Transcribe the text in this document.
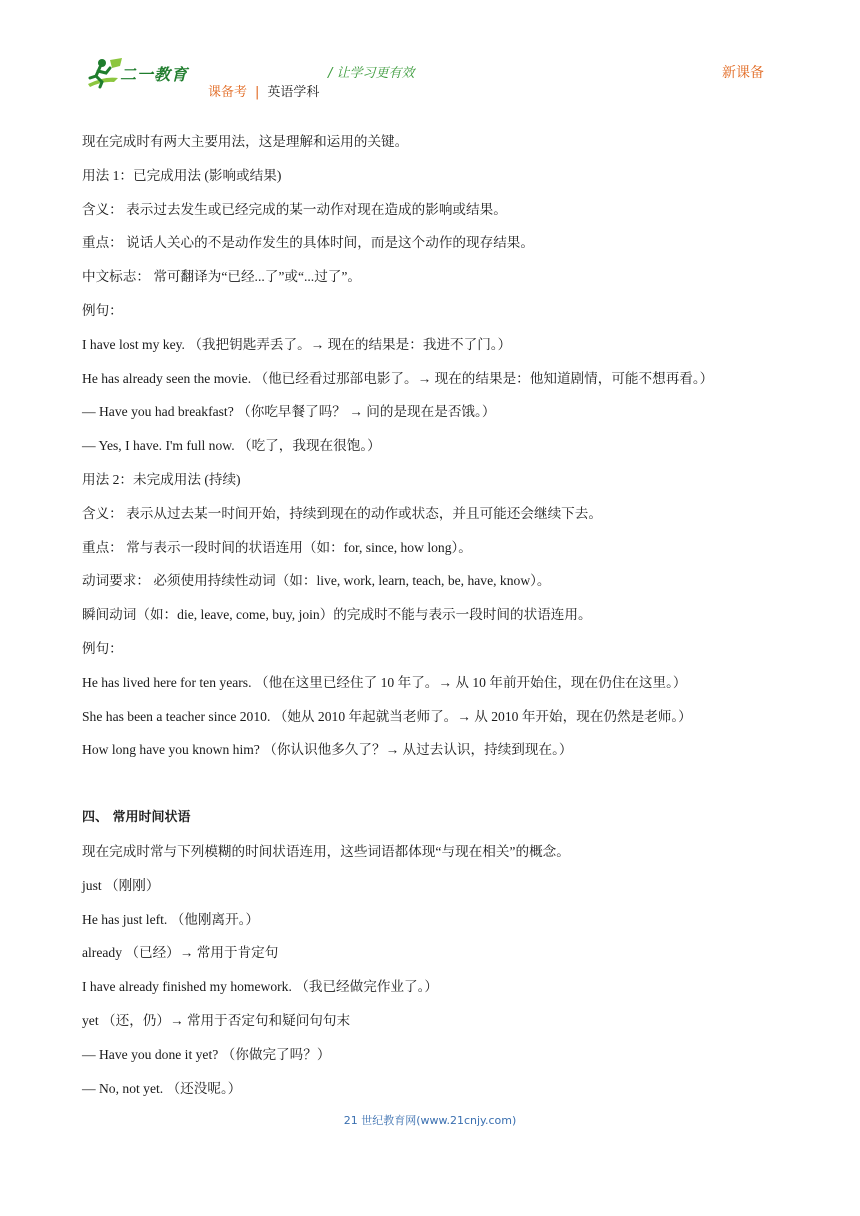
二一教育	/ 让学习更有效	新课备
课备考 | 英语学科
现在完成时有两大主要用法，这是理解和运用的关键。
用法 1：已完成用法 (影响或结果)
含义： 表示过去发生或已经完成的某一动作对现在造成的影响或结果。
重点： 说话人关心的不是动作发生的具体时间，而是这个动作的现存结果。
中文标志： 常可翻译为“已经...了”或“...过了”。
例句：
I have lost my key. （我把钥匙弄丢了。→ 现在的结果是：我进不了门。）
He has already seen the movie. （他已经看过那部电影了。→ 现在的结果是：他知道剧情，可能不想再看。）
— Have you had breakfast? （你吃早餐了吗？ → 问的是现在是否饿。）
— Yes, I have. I'm full now. （吃了，我现在很饱。）
用法 2：未完成用法 (持续)
含义： 表示从过去某一时间开始，持续到现在的动作或状态，并且可能还会继续下去。
重点： 常与表示一段时间的状语连用（如：for, since, how long）。
动词要求： 必须使用持续性动词（如：live, work, learn, teach, be, have, know）。
瞬间动词（如：die, leave, come, buy, join）的完成时不能与表示一段时间的状语连用。
例句：
He has lived here for ten years. （他在这里已经住了 10 年了。→ 从 10 年前开始住，现在仍住在这里。）
She has been a teacher since 2010. （她从 2010 年起就当老师了。→ 从 2010 年开始，现在仍然是老师。）
How long have you known him? （你认识他多久了？→ 从过去认识，持续到现在。）
四、 常用时间状语
现在完成时常与下列模糊的时间状语连用，这些词语都体现“与现在相关”的概念。
just （刚刚）
He has just left. （他刚离开。）
already （已经）→ 常用于肯定句
I have already finished my homework. （我已经做完作业了。）
yet （还，仍）→ 常用于否定句和疑问句句末
— Have you done it yet? （你做完了吗？）
— No, not yet. （还没呢。）
21 世纪教育网(www.21cnjy.com)
